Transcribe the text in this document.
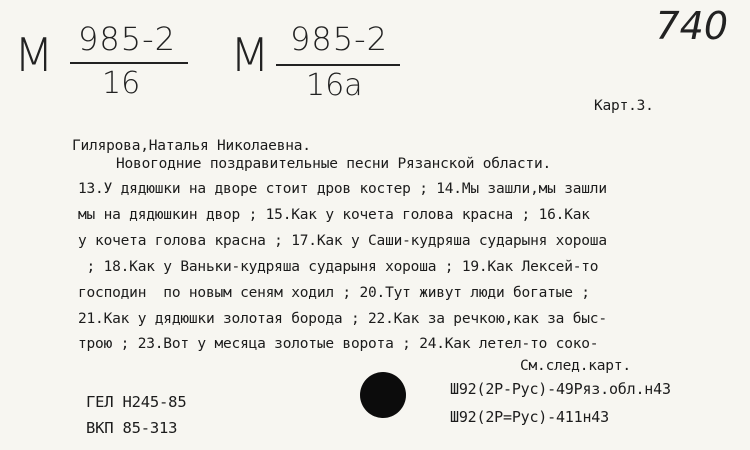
М 985-2
16
М 985-2
16а
740
Карт.3.
Гилярова,Наталья Николаевна.
Новогодние поздравительные песни Рязанской области.
13.У дядюшки на дворе стоит дров костер ; 14.Мы зашли,мы зашли
мы на дядюшкин двор ; 15.Как у кочета голова красна ; 16.Как
у кочета голова красна ; 17.Как у Саши-кудряша сударыня хороша
; 18.Как у Ваньки-кудряша сударыня хороша ; 19.Как Лексей-то
господин  по новым сеням ходил ; 20.Тут живут люди богатые ;
21.Как у дядюшки золотая борода ; 22.Как за речкою,как за быс-
трою ; 23.Вот у месяца золотые ворота ; 24.Как летел-то соко-
См.след.карт.
ГЕЛ Н245-85
ВКП 85-313
Ш92(2Р-Рус)-49Ряз.обл.н43
Ш92(2Р=Рус)-411н43
